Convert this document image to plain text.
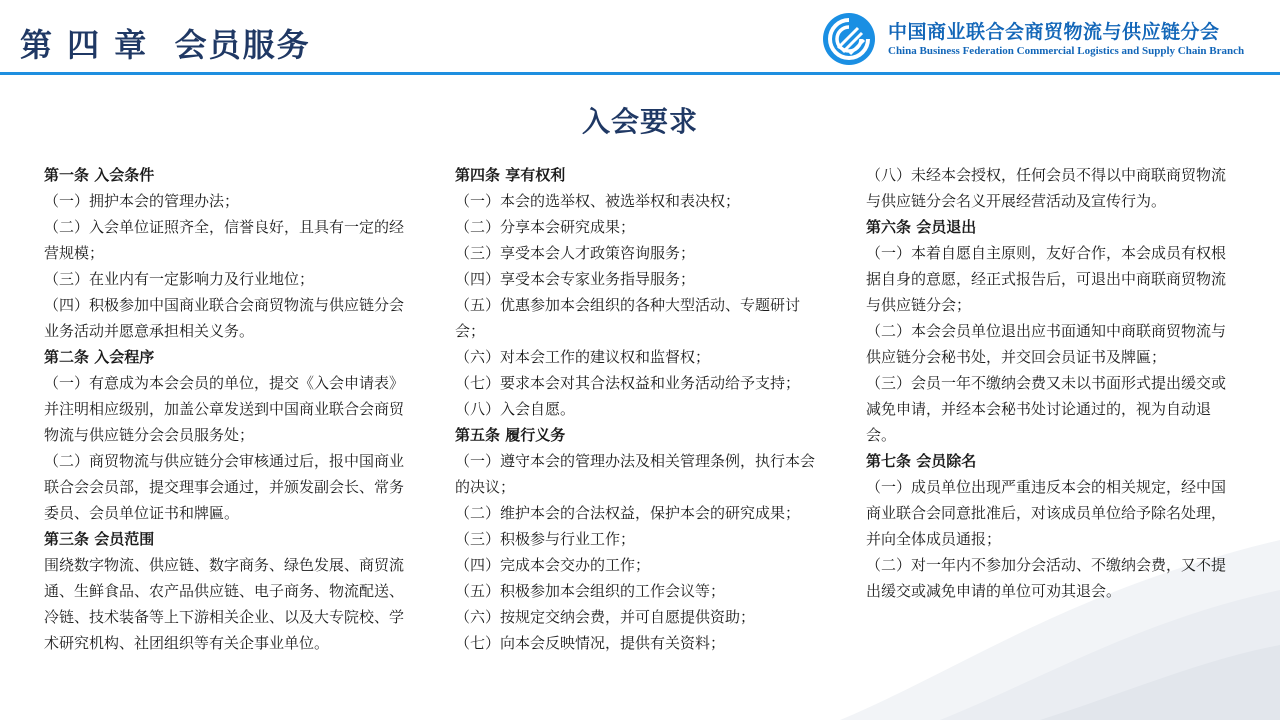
第 四 章  会员服务	中国商业联合会商贸物流与供应链分会
China Business Federation Commercial Logistics and Supply Chain Branch
入会要求

第一条 入会条件

（一）拥护本会的管理办法；

（二）入会单位证照齐全，信誉良好，且具有一定的经营规模；

（三）在业内有一定影响力及行业地位；

（四）积极参加中国商业联合会商贸物流与供应链分会业务活动并愿意承担相关义务。

第二条 入会程序

（一）有意成为本会会员的单位，提交《入会申请表》并注明相应级别，加盖公章发送到中国商业联合会商贸物流与供应链分会会员服务处；

（二）商贸物流与供应链分会审核通过后，报中国商业联合会会员部，提交理事会通过，并颁发副会长、常务委员、会员单位证书和牌匾。

第三条 会员范围

围绕数字物流、供应链、数字商务、绿色发展、商贸流通、生鲜食品、农产品供应链、电子商务、物流配送、冷链、技术装备等上下游相关企业、以及大专院校、学术研究机构、社团组织等有关企事业单位。

第四条 享有权利

（一）本会的选举权、被选举权和表决权；

（二）分享本会研究成果；

（三）享受本会人才政策咨询服务；

（四）享受本会专家业务指导服务；

（五）优惠参加本会组织的各种大型活动、专题研讨会；

（六）对本会工作的建议权和监督权；

（七）要求本会对其合法权益和业务活动给予支持；

（八）入会自愿。

第五条 履行义务

（一）遵守本会的管理办法及相关管理条例，执行本会的决议；

（二）维护本会的合法权益，保护本会的研究成果；

（三）积极参与行业工作；

（四）完成本会交办的工作；

（五）积极参加本会组织的工作会议等；

（六）按规定交纳会费，并可自愿提供资助；

（七）向本会反映情况，提供有关资料；

（八）未经本会授权，任何会员不得以中商联商贸物流与供应链分会名义开展经营活动及宣传行为。

第六条 会员退出

（一）本着自愿自主原则，友好合作，本会成员有权根据自身的意愿，经正式报告后，可退出中商联商贸物流与供应链分会；

（二）本会会员单位退出应书面通知中商联商贸物流与供应链分会秘书处，并交回会员证书及牌匾；

（三）会员一年不缴纳会费又未以书面形式提出缓交或减免申请，并经本会秘书处讨论通过的，视为自动退会。

第七条 会员除名

（一）成员单位出现严重违反本会的相关规定，经中国商业联合会同意批准后，对该成员单位给予除名处理，并向全体成员通报；

（二）对一年内不参加分会活动、不缴纳会费，又不提出缓交或减免申请的单位可劝其退会。
